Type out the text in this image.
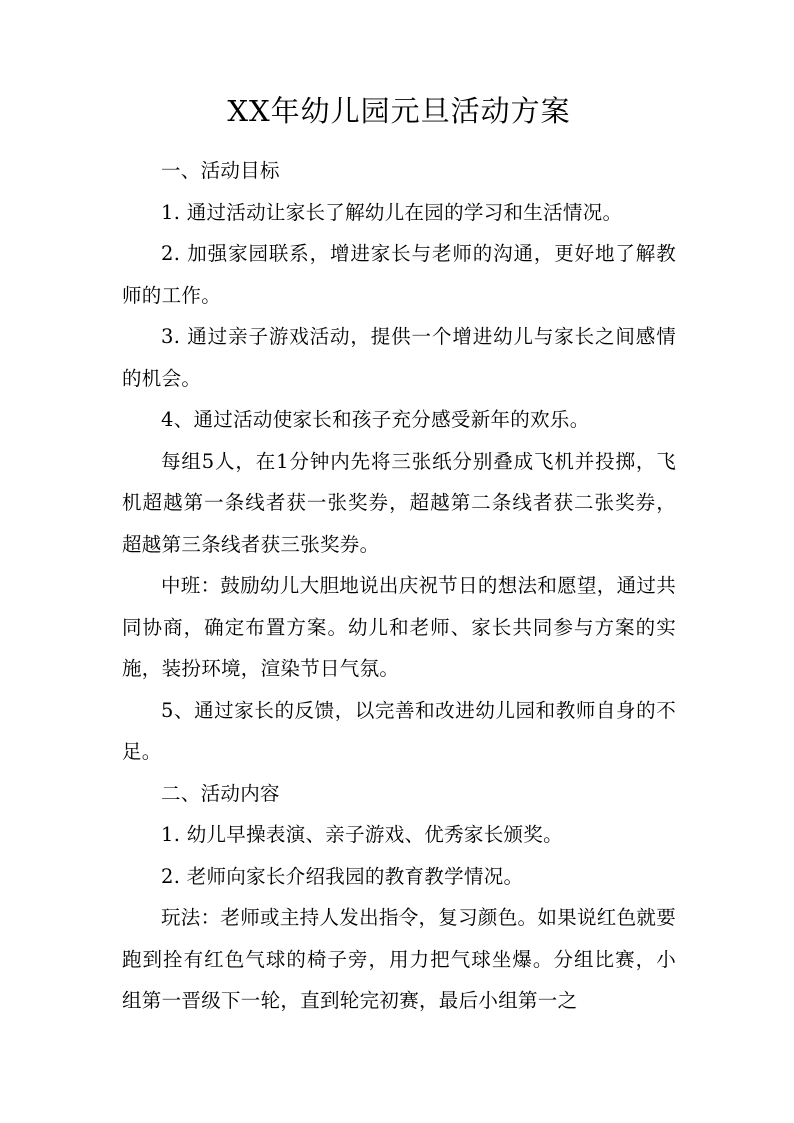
XX年幼儿园元旦活动方案

一、活动目标

1. 通过活动让家长了解幼儿在园的学习和生活情况。

2. 加强家园联系，增进家长与老师的沟通，更好地了解教师的工作。

3. 通过亲子游戏活动，提供一个增进幼儿与家长之间感情的机会。

4、通过活动使家长和孩子充分感受新年的欢乐。

每组5人，在1分钟内先将三张纸分别叠成飞机并投掷，飞机超越第一条线者获一张奖券，超越第二条线者获二张奖券，超越第三条线者获三张奖券。

中班：鼓励幼儿大胆地说出庆祝节日的想法和愿望，通过共同协商，确定布置方案。幼儿和老师、家长共同参与方案的实施，装扮环境，渲染节日气氛。

5、通过家长的反馈，以完善和改进幼儿园和教师自身的不足。

二、活动内容

1. 幼儿早操表演、亲子游戏、优秀家长颁奖。

2. 老师向家长介绍我园的教育教学情况。

玩法：老师或主持人发出指令，复习颜色。如果说红色就要跑到拴有红色气球的椅子旁，用力把气球坐爆。分组比赛，小组第一晋级下一轮，直到轮完初赛，最后小组第一之
